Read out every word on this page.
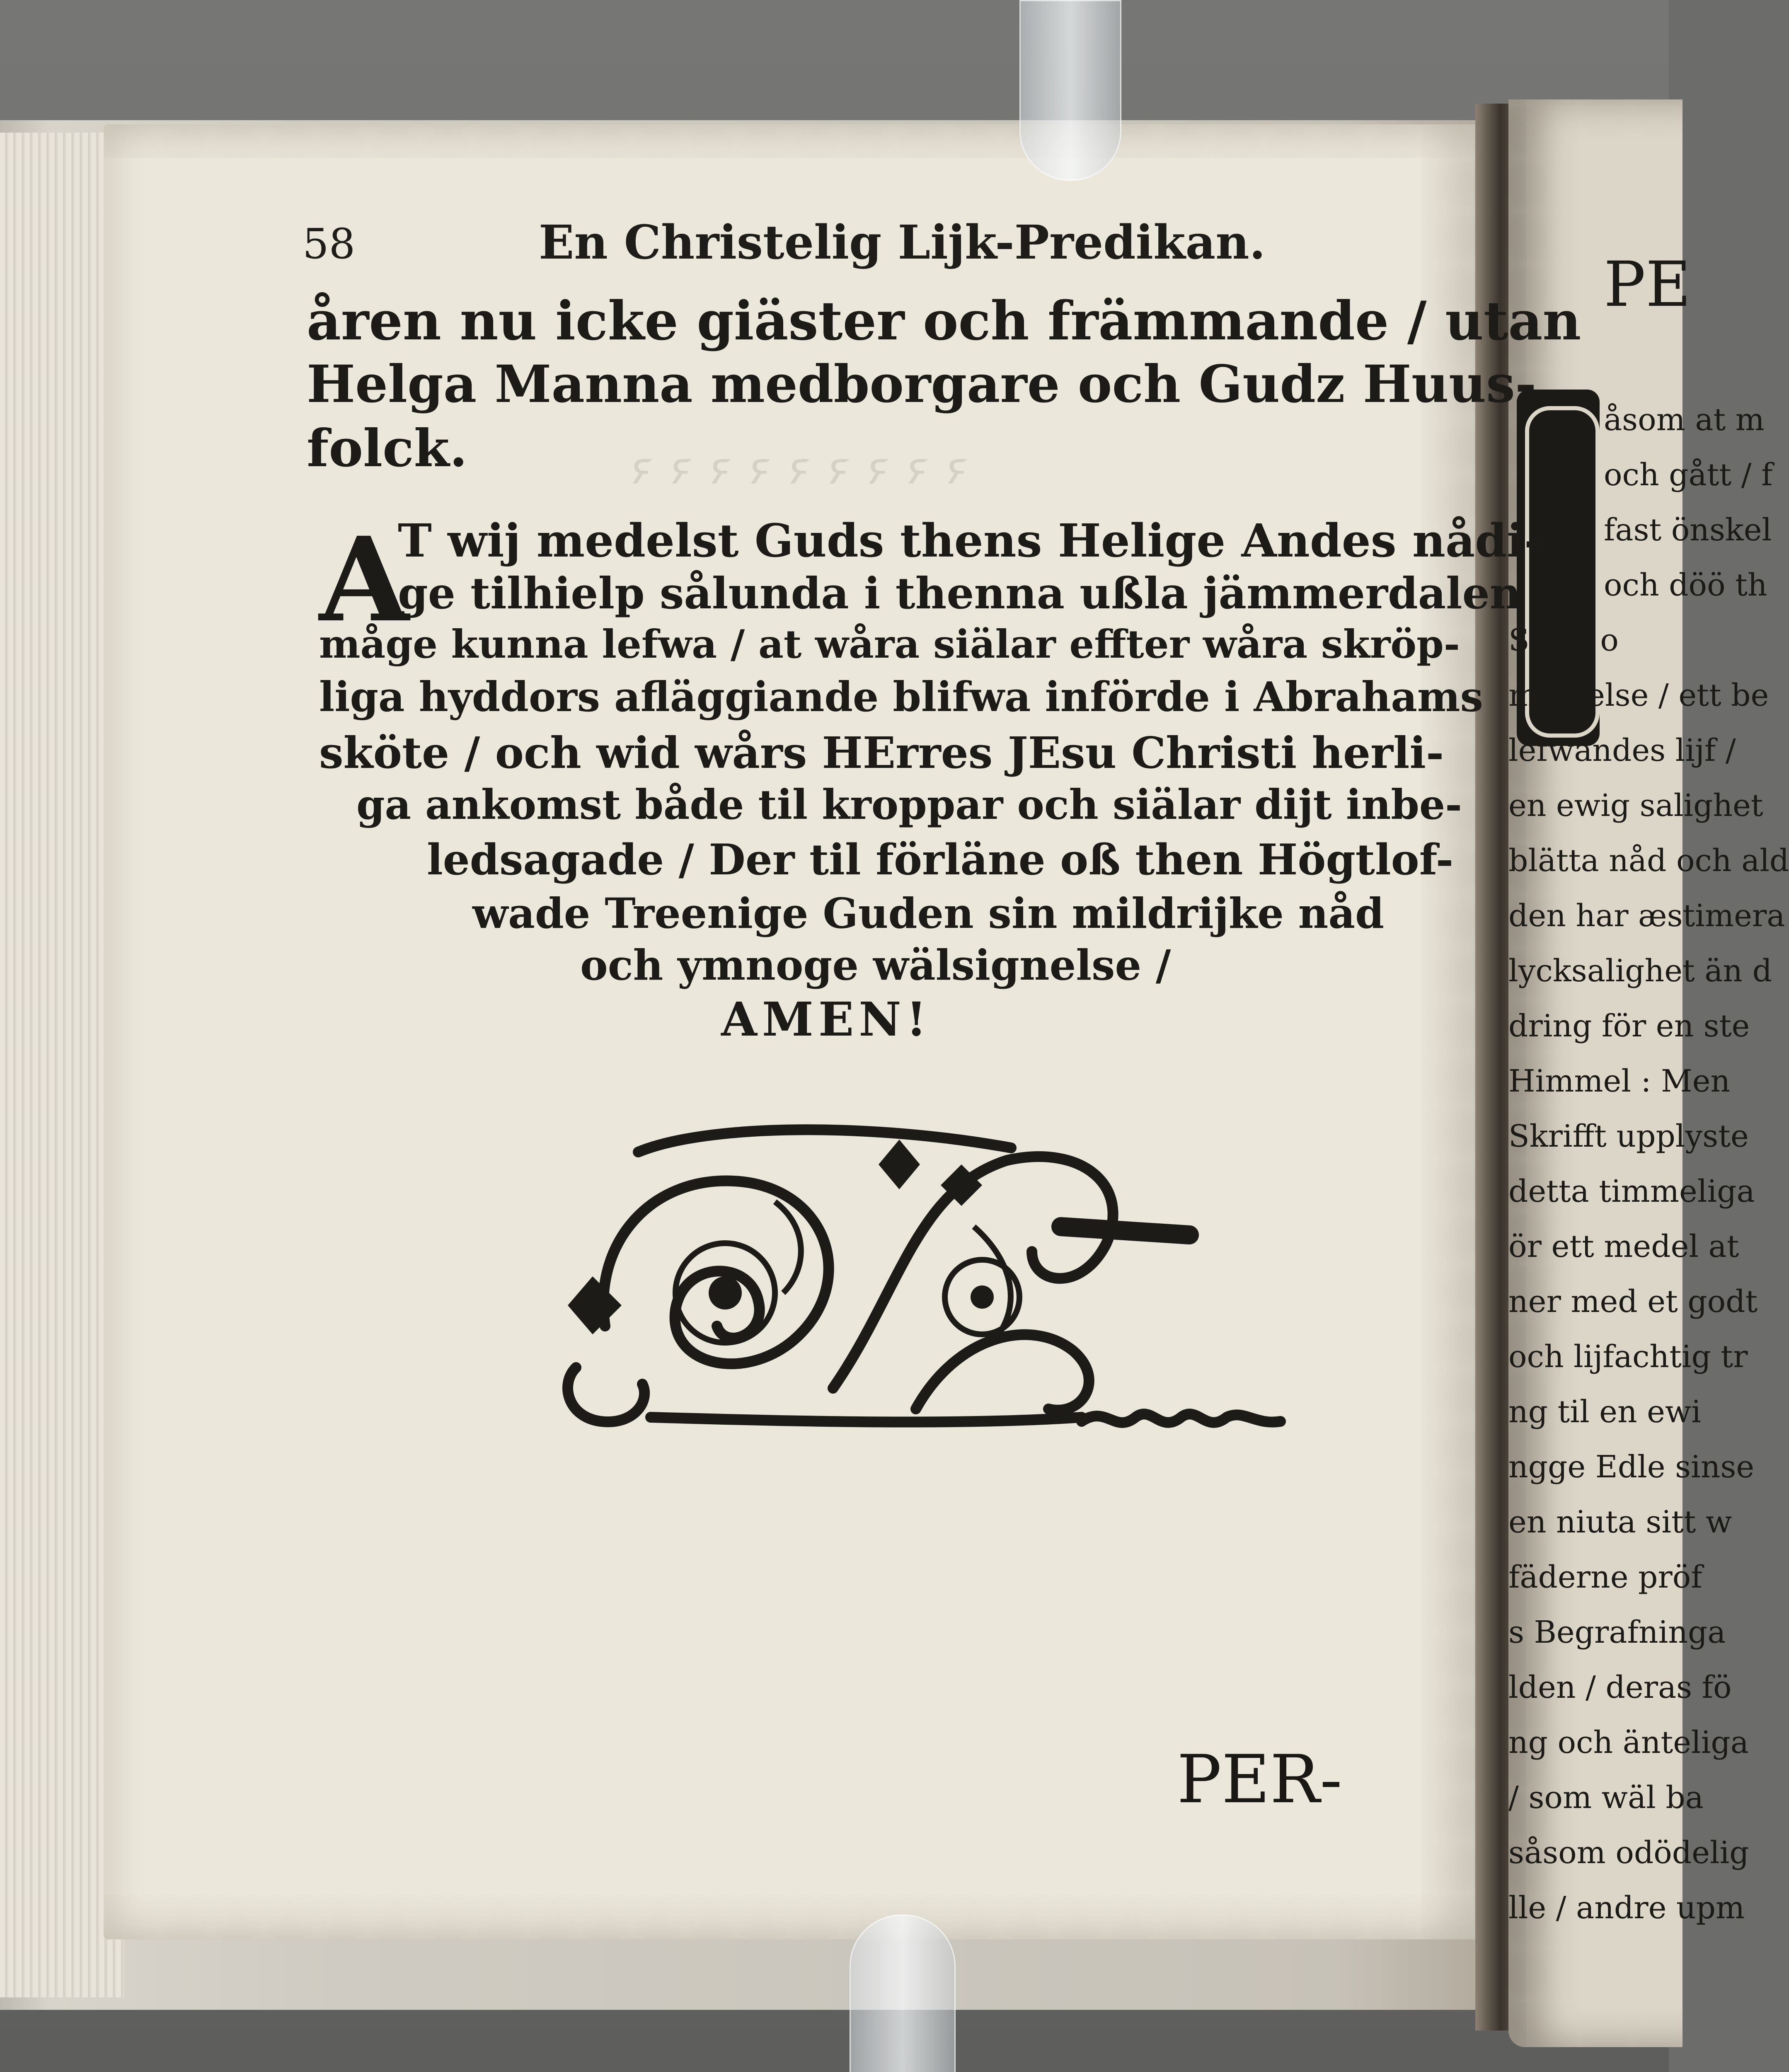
ꝛ ꝛ ꝛ ꝛ ꝛ ꝛ ꝛ ꝛ ꝛ
PE
åsom at m
och gått / f
fast önskel
och döö th
Så är o
minnelse / ett be
lefwandes lijf /
en ewig salighet
blätta nåd och ald
den har æstimera
lycksalighet än d
dring för en ste
Himmel : Men
Skrifft upplyste
detta timmeliga
ör ett medel at
ner med et godt
och lijfachtig tr
ng til en ewi
ngge Edle sinse
en niuta sitt w
fäderne pröf
s Begrafninga
lden / deras fö
ng och änteliga
/ som wäl ba
såsom odödelig
lle / andre upm
58	En Christelig Lijk-Predikan.
åren nu icke giäster och främmande / utan
Helga Manna medborgare och Gudz Huus-
folck.
A
T wij medelst Guds thens Helige Andes nådi-
ge tilhielp sålunda i thenna ußla jämmerdalen
måge kunna lefwa / at wåra siälar effter wåra skröp-
liga hyddors afläggiande blifwa införde i Abrahams
sköte / och wid wårs HErres JEsu Christi herli-
ga ankomst både til kroppar och siälar dijt inbe-
ledsagade / Der til förläne oß then Högtlof-
wade Treenige Guden sin mildrijke nåd
och ymnoge wälsignelse /
AMEN!
PER-
